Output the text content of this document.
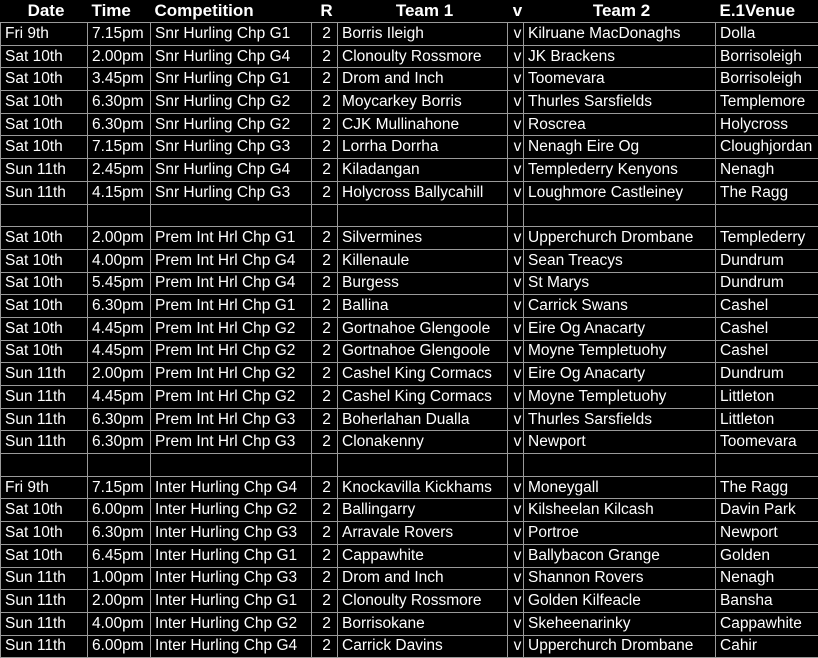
Date	Time	Competition	R	Team 1	v	Team 2	E.1Venue
Fri 9th	7.15pm	Snr Hurling Chp G1	2	Borris Ileigh	v	Kilruane MacDonaghs	Dolla
Sat 10th	2.00pm	Snr Hurling Chp G4	2	Clonoulty Rossmore	v	JK Brackens	Borrisoleigh
Sat 10th	3.45pm	Snr Hurling Chp G1	2	Drom and Inch	v	Toomevara	Borrisoleigh
Sat 10th	6.30pm	Snr Hurling Chp G2	2	Moycarkey Borris	v	Thurles Sarsfields	Templemore
Sat 10th	6.30pm	Snr Hurling Chp G2	2	CJK Mullinahone	v	Roscrea	Holycross
Sat 10th	7.15pm	Snr Hurling Chp G3	2	Lorrha Dorrha	v	Nenagh Eire Og	Cloughjordan
Sun 11th	2.45pm	Snr Hurling Chp G4	2	Kiladangan	v	Templederry Kenyons	Nenagh
Sun 11th	4.15pm	Snr Hurling Chp G3	2	Holycross Ballycahill	v	Loughmore Castleiney	The Ragg

Sat 10th	2.00pm	Prem Int Hrl Chp G1	2	Silvermines	v	Upperchurch Drombane	Templederry
Sat 10th	4.00pm	Prem Int Hrl Chp G4	2	Killenaule	v	Sean Treacys	Dundrum
Sat 10th	5.45pm	Prem Int Hrl Chp G4	2	Burgess	v	St Marys	Dundrum
Sat 10th	6.30pm	Prem Int Hrl Chp G1	2	Ballina	v	Carrick Swans	Cashel
Sat 10th	4.45pm	Prem Int Hrl Chp G2	2	Gortnahoe Glengoole	v	Eire Og Anacarty	Cashel
Sat 10th	4.45pm	Prem Int Hrl Chp G2	2	Gortnahoe Glengoole	v	Moyne Templetuohy	Cashel
Sun 11th	2.00pm	Prem Int Hrl Chp G2	2	Cashel King Cormacs	v	Eire Og Anacarty	Dundrum
Sun 11th	4.45pm	Prem Int Hrl Chp G2	2	Cashel King Cormacs	v	Moyne Templetuohy	Littleton
Sun 11th	6.30pm	Prem Int Hrl Chp G3	2	Boherlahan Dualla	v	Thurles Sarsfields	Littleton
Sun 11th	6.30pm	Prem Int Hrl Chp G3	2	Clonakenny	v	Newport	Toomevara

Fri 9th	7.15pm	Inter Hurling Chp G4	2	Knockavilla Kickhams	v	Moneygall	The Ragg
Sat 10th	6.00pm	Inter Hurling Chp G2	2	Ballingarry	v	Kilsheelan Kilcash	Davin Park
Sat 10th	6.30pm	Inter Hurling Chp G3	2	Arravale Rovers	v	Portroe	Newport
Sat 10th	6.45pm	Inter Hurling Chp G1	2	Cappawhite	v	Ballybacon Grange	Golden
Sun 11th	1.00pm	Inter Hurling Chp G3	2	Drom and Inch	v	Shannon Rovers	Nenagh
Sun 11th	2.00pm	Inter Hurling Chp G1	2	Clonoulty Rossmore	v	Golden Kilfeacle	Bansha
Sun 11th	4.00pm	Inter Hurling Chp G2	2	Borrisokane	v	Skeheenarinky	Cappawhite
Sun 11th	6.00pm	Inter Hurling Chp G4	2	Carrick Davins	v	Upperchurch Drombane	Cahir
